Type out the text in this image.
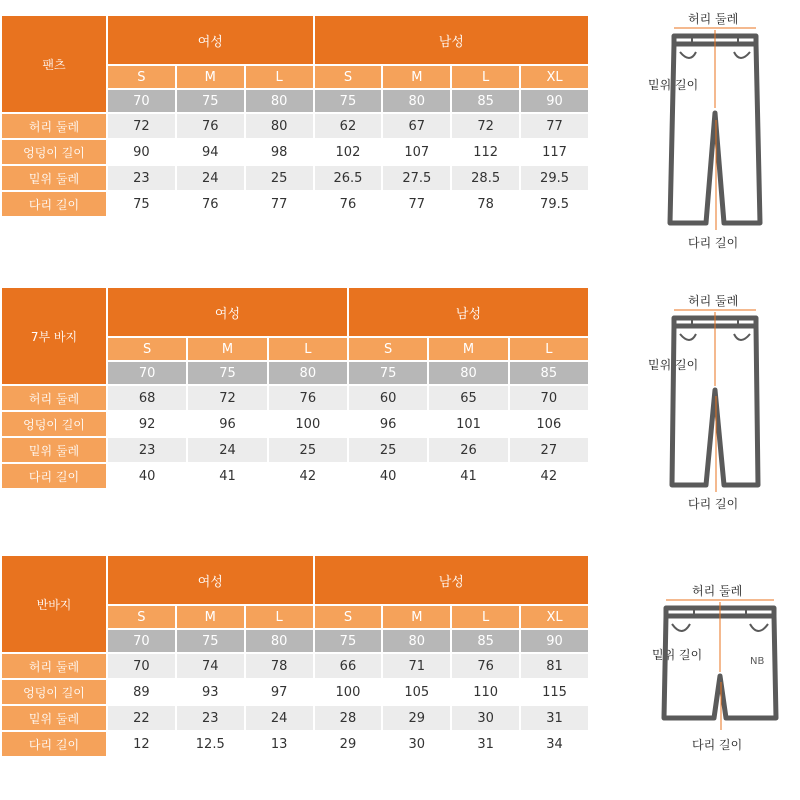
팬츠	여성			남성			
	S	M	L	S	M	L	XL
	70	75	80	75	80	85	90
허리 둘레	72	76	80	62	67	72	77
엉덩이 길이	90	94	98	102	107	112	117
밑위 둘레	23	24	25	26.5	27.5	28.5	29.5
다리 길이	75	76	77	76	77	78	79.5
7부 바지	여성			남성		
	S	M	L	S	M	L
	70	75	80	75	80	85
허리 둘레	68	72	76	60	65	70
엉덩이 길이	92	96	100	96	101	106
밑위 둘레	23	24	25	25	26	27
다리 길이	40	41	42	40	41	42
반바지	여성			남성			
	S	M	L	S	M	L	XL
	70	75	80	75	80	85	90
허리 둘레	70	74	78	66	71	76	81
엉덩이 길이	89	93	97	100	105	110	115
밑위 둘레	22	23	24	28	29	30	31
다리 길이	12	12.5	13	29	30	31	34
허리 둘레
밑위 길이
다리 길이
허리 둘레
밑위 길이
다리 길이
허리 둘레
밑위 길이
다리 길이
NB
